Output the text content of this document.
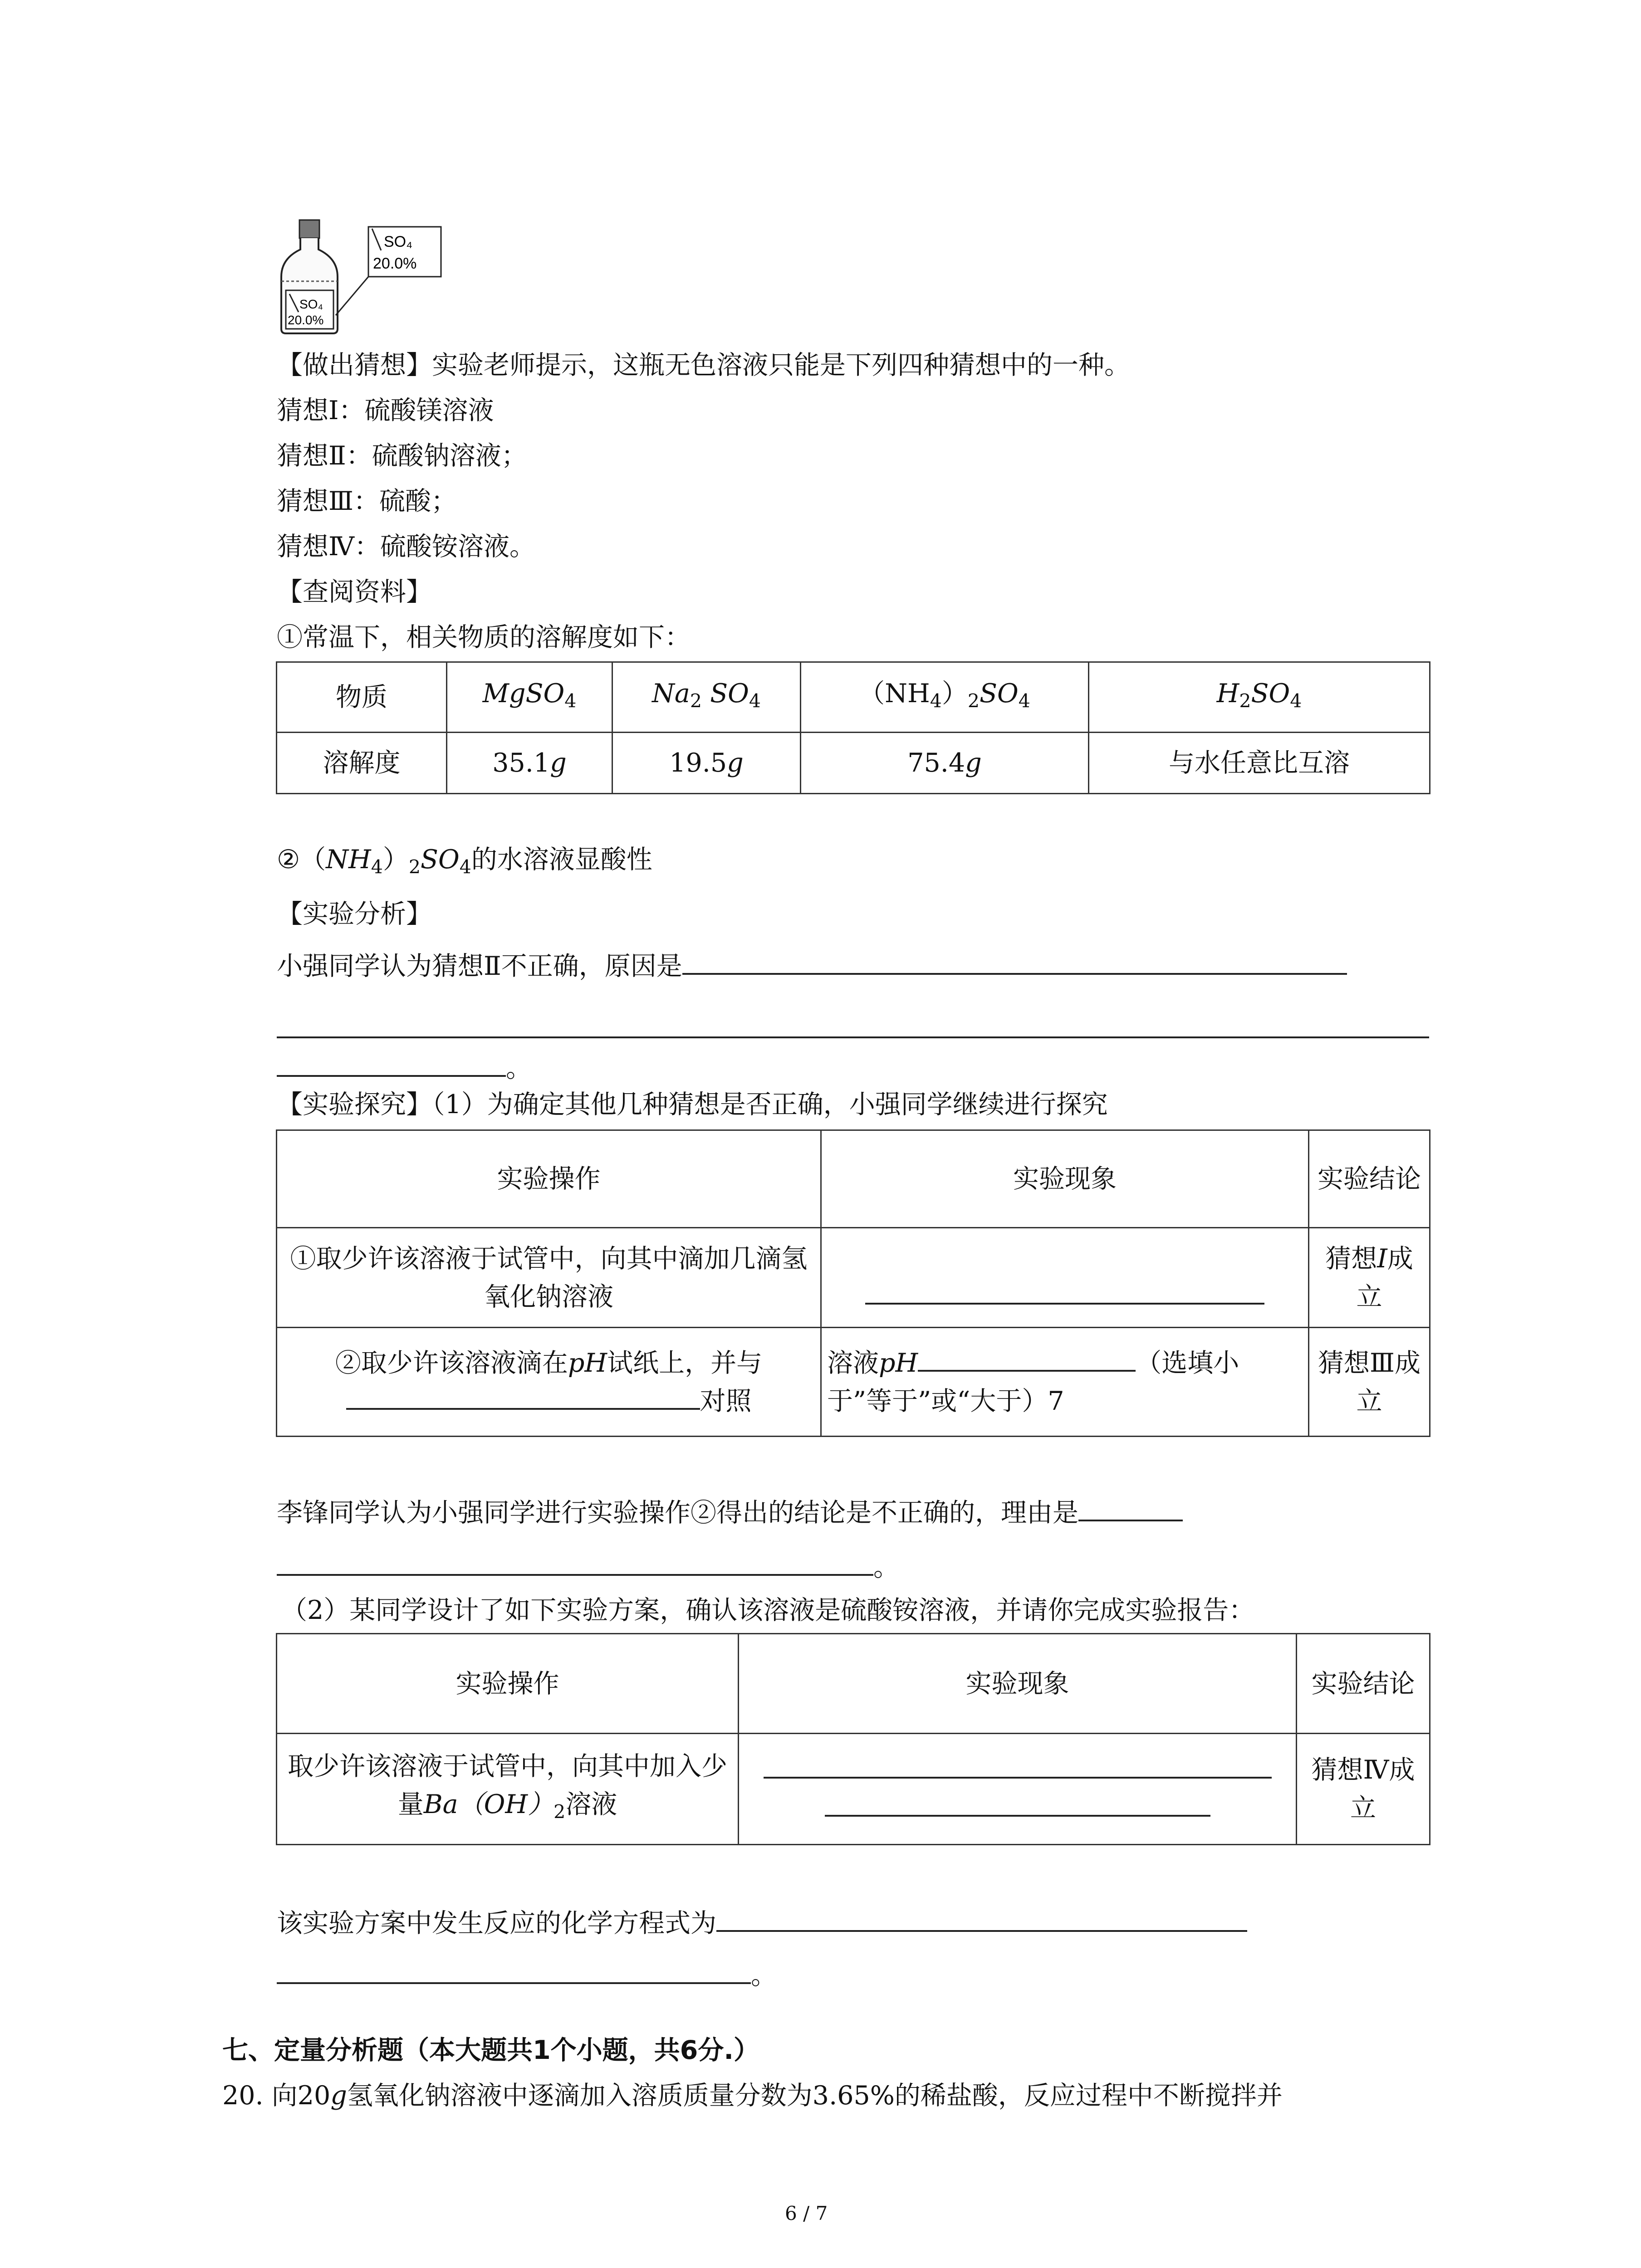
SO₄
20.0%
SO₄
20.0%
【做出猜想】实验老师提示，这瓶无色溶液只能是下列四种猜想中的一种。
猜想Ⅰ：硫酸镁溶液
猜想Ⅱ：硫酸钠溶液；
猜想Ⅲ：硫酸；
猜想Ⅳ：硫酸铵溶液。
【查阅资料】
①常温下，相关物质的溶解度如下：
物质	MgSO$_4$	$Na_2$ $SO_4$	$(NH_4)_2SO_4$	$H_2SO_4$
溶解度	35.1g	19.5g	75.4g	与水任意比互溶
$②(NH_4)_2SO_4$的水溶液显酸性
【实验分析】
小强同学认为猜想Ⅱ不正确，原因是
。
【实验探究】（1）为确定其他几种猜想是否正确，小强同学继续进行探究
实验操作	实验现象	实验结论
①取少许该溶液于试管中，向其中滴加几滴氢氧化钠溶液		猜想I成立
②取少许该溶液滴在pH试纸上，并与
对照	溶液pH （选填小于”等于”或“大于）7	猜想Ⅲ成立
李锋同学认为小强同学进行实验操作②得出的结论是不正确的，理由是
。
（2）某同学设计了如下实验方案，确认该溶液是硫酸铵溶液，并请你完成实验报告：
实验操作	实验现象	实验结论
取少许该溶液于试管中，向其中加入少量$Ba(OH)_2$溶液		猜想Ⅳ成立
该实验方案中发生反应的化学方程式为
。
七、定量分析题（本大题共1个小题，共6分.）
20. 向20g氢氧化钠溶液中逐滴加入溶质质量分数为3.65%的稀盐酸，反应过程中不断搅拌并
6 / 7
